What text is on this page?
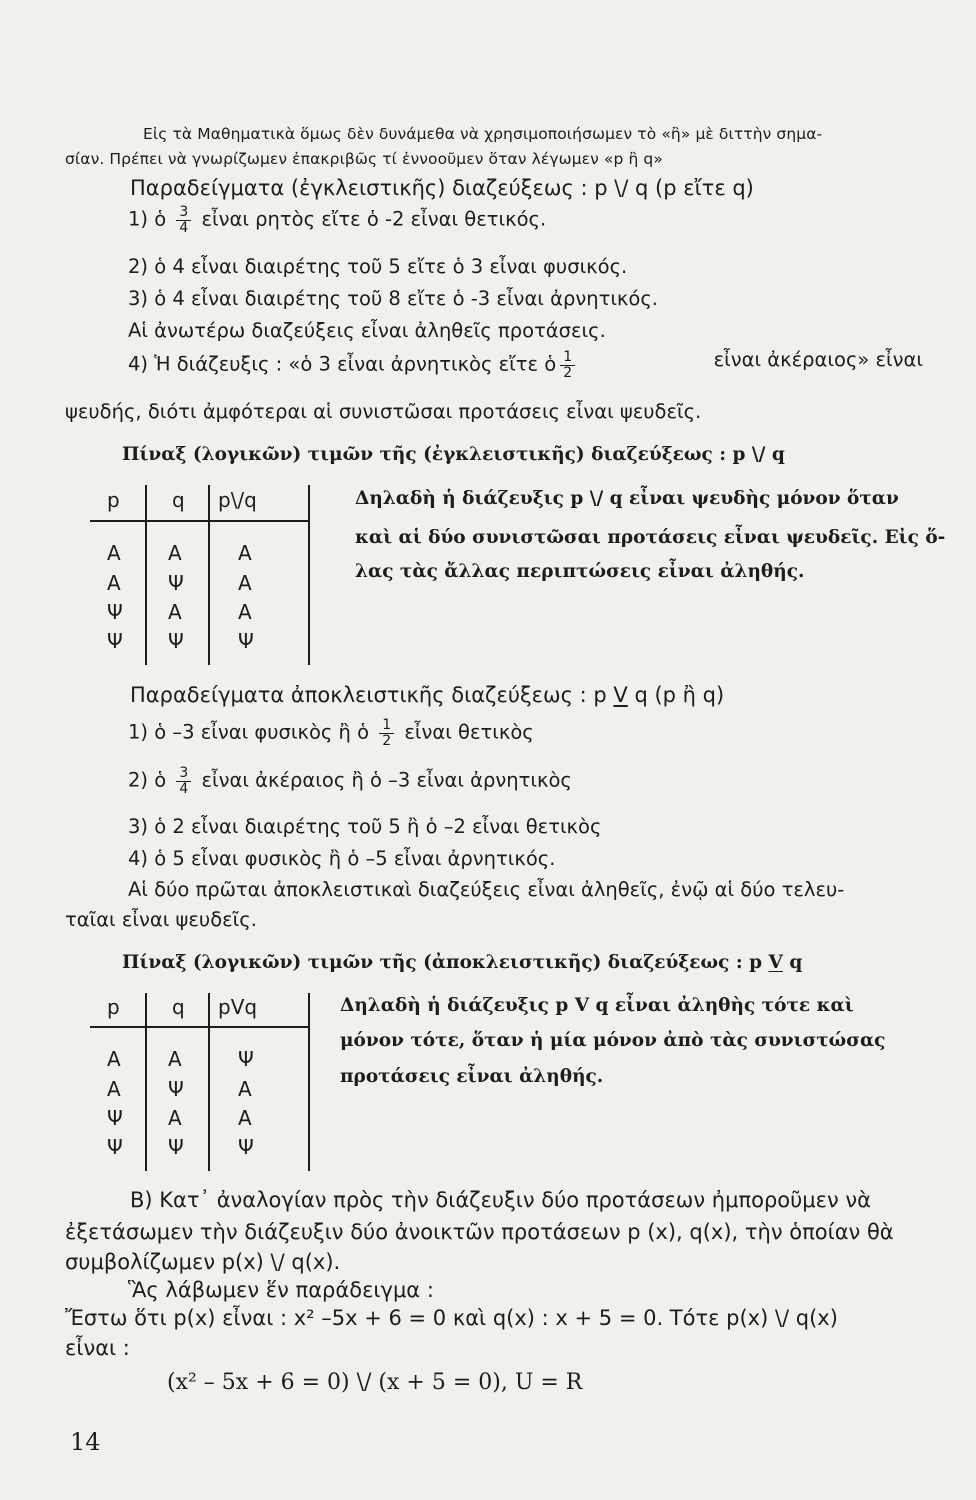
Εἰς τὰ Μαθηματικὰ ὅμως δὲν δυνάμεθα νὰ χρησιμοποιήσωμεν τὸ «ἢ» μὲ διττὴν σημα-
σίαν. Πρέπει νὰ γνωρίζωμεν ἐπακριβῶς τί ἐννοοῦμεν ὅταν λέγωμεν «p ἢ q»
Παραδείγματα (ἐγκλειστικῆς) διαζεύξεως : p \/ q (p εἴτε q)
1) ὁ $\frac{3}{4}$ εἶναι ρητὸς εἴτε ὁ -2 εἶναι θετικός.
2) ὁ 4 εἶναι διαιρέτης τοῦ 5 εἴτε ὁ 3 εἶναι φυσικός.
3) ὁ 4 εἶναι διαιρέτης τοῦ 8 εἴτε ὁ -3 εἶναι ἀρνητικός.
Αἱ ἀνωτέρω διαζεύξεις εἶναι ἀληθεῖς προτάσεις.
4) Ἡ διάζευξις : «ὁ 3 εἶναι ἀρνητικὸς εἴτε ὁ $\frac{1}{2}$	εἶναι ἀκέραιος» εἶναι
ψευδής, διότι ἀμφότεραι αἱ συνιστῶσαι προτάσεις εἶναι ψευδεῖς.
Πίναξ (λογικῶν) τιμῶν τῆς (ἐγκλειστικῆς) διαζεύξεως : p \/ q
p	q p\/q
A A	A
A Ψ	A
Ψ A	A
Ψ Ψ	Ψ
Δηλαδὴ ἡ διάζευξις p \/ q εἶναι ψευδὴς μόνον ὅταν
καὶ αἱ δύο συνιστῶσαι προτάσεις εἶναι ψευδεῖς. Εἰς ὅ-
λας τὰς ἄλλας περιπτώσεις εἶναι ἀληθής.
Παραδείγματα ἀποκλειστικῆς διαζεύξεως : p V q (p ἢ q)
1) ὁ –3 εἶναι φυσικὸς ἢ ὁ $\frac{1}{2}$ εἶναι θετικὸς
2) ὁ $\frac{3}{4}$ εἶναι ἀκέραιος ἢ ὁ –3 εἶναι ἀρνητικὸς
3) ὁ 2 εἶναι διαιρέτης τοῦ 5 ἢ ὁ –2 εἶναι θετικὸς
4) ὁ 5 εἶναι φυσικὸς ἢ ὁ –5 εἶναι ἀρνητικός.
Αἱ δύο πρῶται ἀποκλειστικαὶ διαζεύξεις εἶναι ἀληθεῖς, ἐνῷ αἱ δύο τελευ-
ταῖαι εἶναι ψευδεῖς.
Πίναξ (λογικῶν) τιμῶν τῆς (ἀποκλειστικῆς) διαζεύξεως : p V q
p	q pVq
A A	Ψ
A Ψ	A
Ψ A	A
Ψ Ψ	Ψ
Δηλαδὴ ἡ διάζευξις p V q εἶναι ἀληθὴς τότε καὶ
μόνον τότε, ὅταν ἡ μία μόνον ἀπὸ τὰς συνιστώσας
προτάσεις εἶναι ἀληθής.
Β) Κατ᾽ ἀναλογίαν πρὸς τὴν διάζευξιν δύο προτάσεων ἠμποροῦμεν νὰ
ἐξετάσωμεν τὴν διάζευξιν δύο ἀνοικτῶν προτάσεων p (x), q(x), τὴν ὁποίαν θὰ
συμβολίζωμεν p(x) \/ q(x).
Ἃς λάβωμεν ἕν παράδειγμα :
Ἔστω ὅτι p(x) εἶναι : x² –5x + 6 = 0 καὶ q(x) : x + 5 = 0. Τότε p(x) \/ q(x)
εἶναι :
(x² – 5x + 6 = 0) \/ (x + 5 = 0), U = R
14
